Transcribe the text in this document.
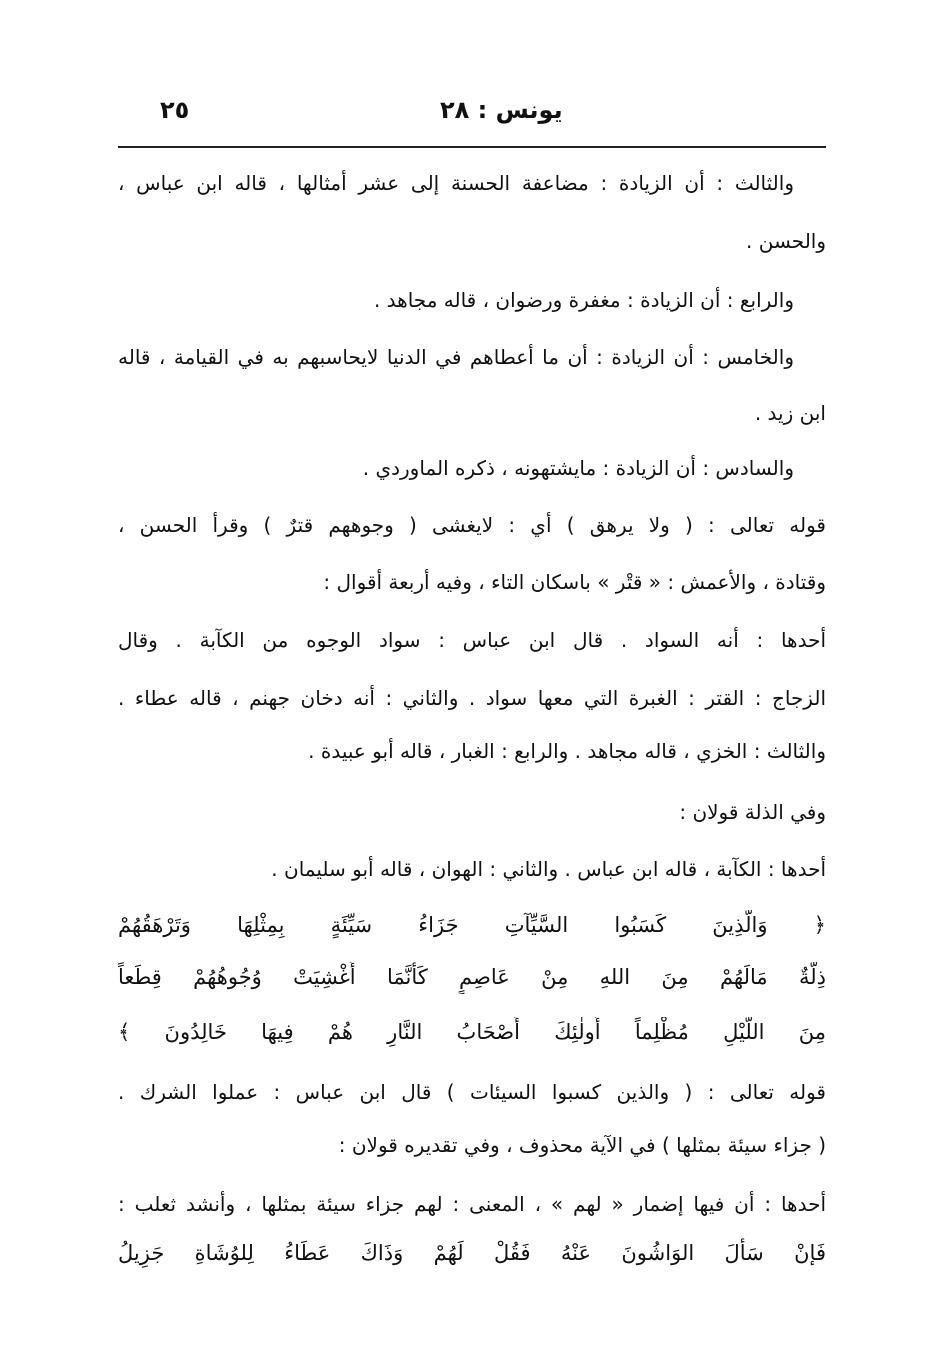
٢٥	يونس : ٢٨
والثالث : أن الزيادة : مضاعفة الحسنة إلى عشر أمثالها ، قاله ابن عباس ،
والحسن .
والرابع : أن الزيادة : مغفرة ورضوان ، قاله مجاهد .
والخامس : أن الزيادة : أن ما أعطاهم في الدنيا لايحاسبهم به في القيامة ، قاله
ابن زيد .
والسادس : أن الزيادة : مايشتهونه ، ذكره الماوردي .
قوله تعالى : ( ولا يرهق ) أي : لايغشى ( وجوههم قترٌ ) وقرأ الحسن ،
وقتادة ، والأعمش : « قتْر » باسكان التاء ، وفيه أربعة أقوال :
أحدها : أنه السواد . قال ابن عباس : سواد الوجوه من الكآبة . وقال
الزجاج : القتر : الغبرة التي معها سواد . والثاني : أنه دخان جهنم ، قاله عطاء .
والثالث : الخزي ، قاله مجاهد . والرابع : الغبار ، قاله أبو عبيدة .
وفي الذلة قولان :
أحدها : الكآبة ، قاله ابن عباس . والثاني : الهوان ، قاله أبو سليمان .
﴿ وَالَّذِينَ كَسَبُوا السَّيِّآتِ جَزَاءُ سَيِّئَةٍ بِمِثْلِهَا وَتَرْهَقُهُمْ
ذِلَّةٌ مَالَهُمْ مِنَ اللهِ مِنْ عَاصِمٍ كَأَنَّمَا أُغْشِيَتْ وُجُوهُهُمْ قِطَعاً
مِنَ اللَّيْلِ مُظْلِماً أُولٰئِكَ أَصْحَابُ النَّارِ هُمْ فِيهَا خَالِدُونَ ﴾
قوله تعالى : ( والذين كسبوا السيئات ) قال ابن عباس : عملوا الشرك .
( جزاء سيئة بمثلها ) في الآية محذوف ، وفي تقديره قولان :
أحدها : أن فيها إضمار « لهم » ، المعنى : لهم جزاء سيئة بمثلها ، وأنشد ثعلب :
فَإنْ سَأَلَ الوَاشُونَ عَنْهُ فَقُلْ لَهُمْ وَذَاكَ عَطَاءُ لِلوُشَاةِ جَزِيلُ
